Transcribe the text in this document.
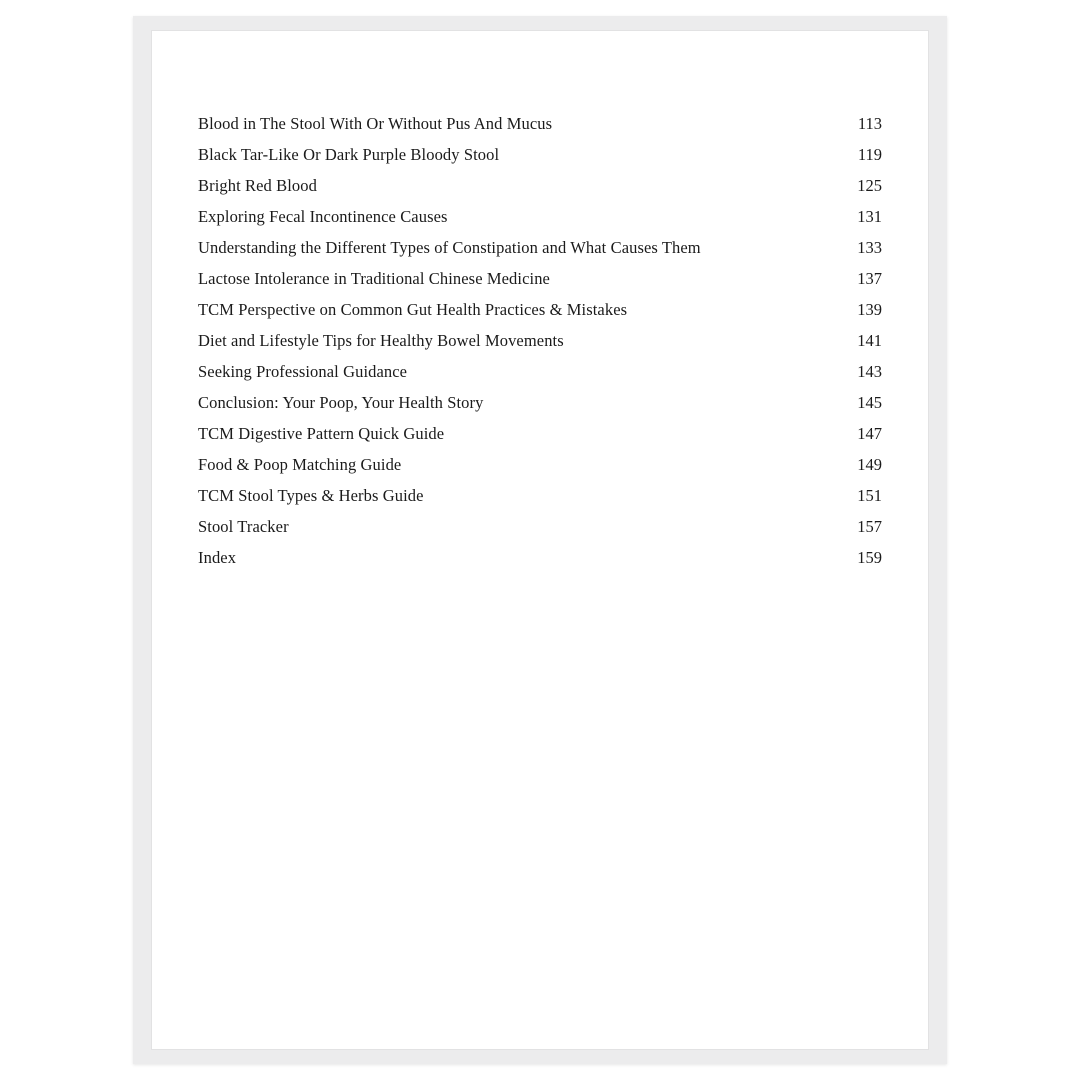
Blood in The Stool With Or Without Pus And Mucus	113
Black Tar-Like Or Dark Purple Bloody Stool	119
Bright Red Blood	125
Exploring Fecal Incontinence Causes	131
Understanding the Different Types of Constipation and What Causes Them	133
Lactose Intolerance in Traditional Chinese Medicine	137
TCM Perspective on Common Gut Health Practices & Mistakes	139
Diet and Lifestyle Tips for Healthy Bowel Movements	141
Seeking Professional Guidance	143
Conclusion: Your Poop, Your Health Story	145
TCM Digestive Pattern Quick Guide	147
Food & Poop Matching Guide	149
TCM Stool Types & Herbs Guide	151
Stool Tracker	157
Index	159
